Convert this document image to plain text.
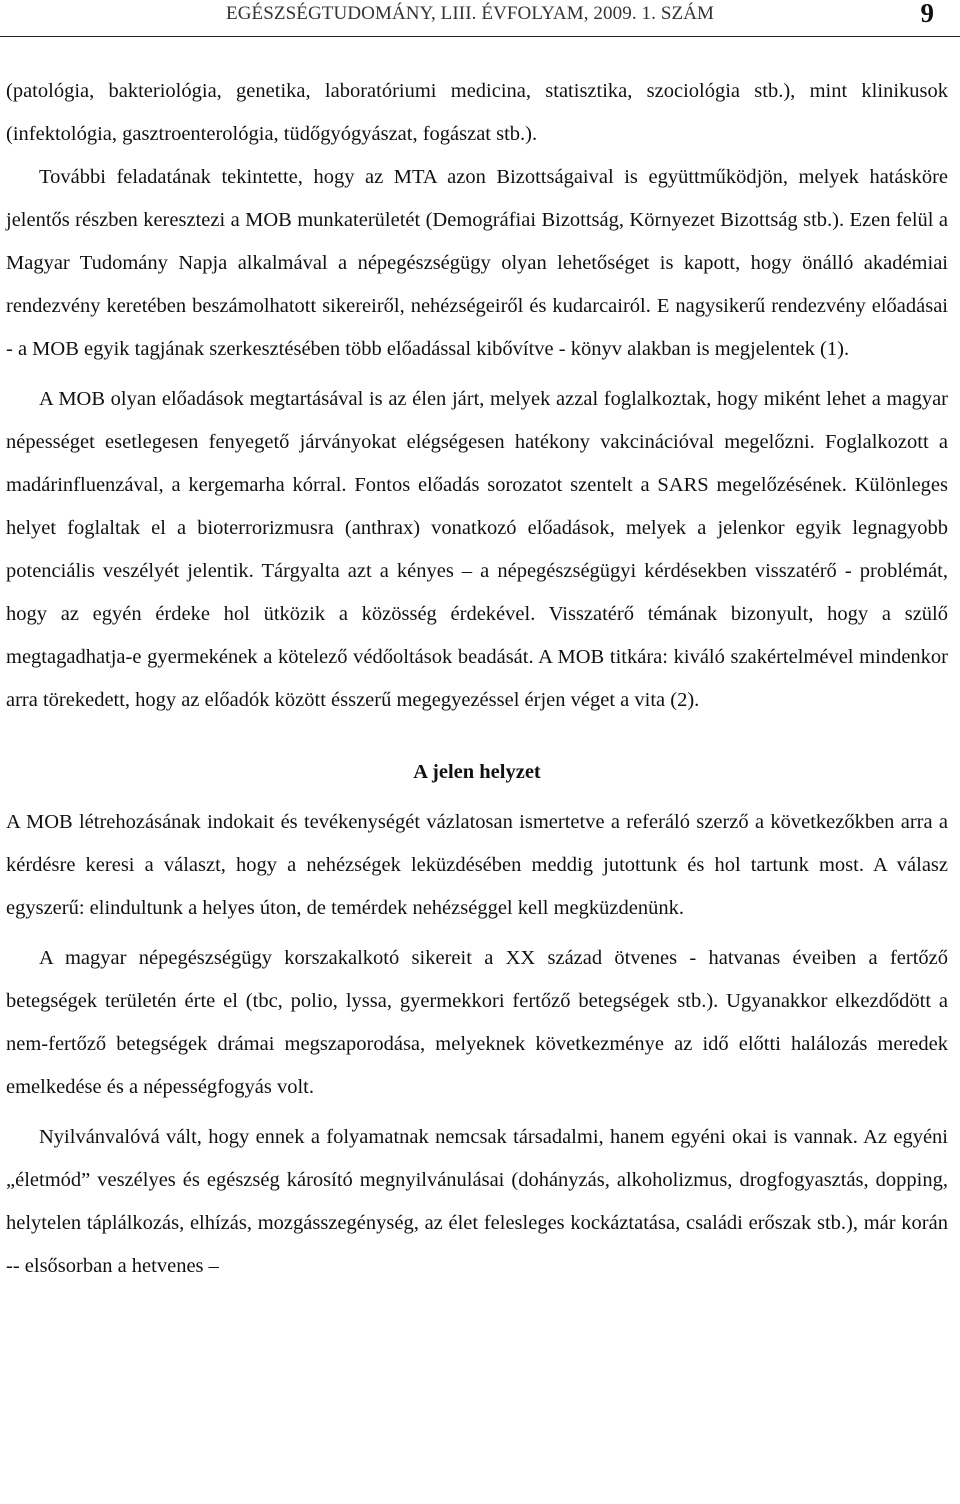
EGÉSZSÉGTUDOMÁNY, LIII. ÉVFOLYAM, 2009. 1. SZÁM	9

(patológia, bakteriológia, genetika, laboratóriumi medicina, statisztika, szociológia stb.), mint klinikusok (infektológia, gasztroenterológia, tüdőgyógyászat, fogászat stb.).

További feladatának tekintette, hogy az MTA azon Bizottságaival is együttműködjön, melyek hatásköre jelentős részben keresztezi a MOB munkaterületét (Demográfiai Bizottság, Környezet Bizottság stb.). Ezen felül a Magyar Tudomány Napja alkalmával a népegészségügy olyan lehetőséget is kapott, hogy önálló akadémiai rendezvény keretében beszámolhatott sikereiről, nehézségeiről és kudarcairól. E nagysikerű rendezvény előadásai - a MOB egyik tagjának szerkesztésében több előadással kibővítve - könyv alakban is megjelentek (1).

A MOB olyan előadások megtartásával is az élen járt, melyek azzal foglalkoztak, hogy miként lehet a magyar népességet esetlegesen fenyegető járványokat elégségesen hatékony vakcinációval megelőzni. Foglalkozott a madárinfluenzával, a kergemarha kórral. Fontos előadás sorozatot szentelt a SARS megelőzésének. Különleges helyet foglaltak el a bioterrorizmusra (anthrax) vonatkozó előadások, melyek a jelenkor egyik legnagyobb potenciális veszélyét jelentik. Tárgyalta azt a kényes – a népegészségügyi kérdésekben visszatérő - problémát, hogy az egyén érdeke hol ütközik a közösség érdekével. Visszatérő témának bizonyult, hogy a szülő megtagadhatja-e gyermekének a kötelező védőoltások beadását. A MOB titkára: kiváló szakértelmével mindenkor arra törekedett, hogy az előadók között ésszerű megegyezéssel érjen véget a vita (2).

A jelen helyzet

A MOB létrehozásának indokait és tevékenységét vázlatosan ismertetve a referáló szerző a következőkben arra a kérdésre keresi a választ, hogy a nehézségek leküzdésében meddig jutottunk és hol tartunk most. A válasz egyszerű: elindultunk a helyes úton, de temérdek nehézséggel kell megküzdenünk.

A magyar népegészségügy korszakalkotó sikereit a XX század ötvenes - hatvanas éveiben a fertőző betegségek területén érte el (tbc, polio, lyssa, gyermekkori fertőző betegségek stb.). Ugyanakkor elkezdődött a nem-fertőző betegségek drámai megszaporodása, melyeknek következménye az idő előtti halálozás meredek emelkedése és a népességfogyás volt.

Nyilvánvalóvá vált, hogy ennek a folyamatnak nemcsak társadalmi, hanem egyéni okai is vannak. Az egyéni „életmód” veszélyes és egészség károsító megnyilvánulásai (dohányzás, alkoholizmus, drogfogyasztás, dopping, helytelen táplálkozás, elhízás, mozgásszegénység, az élet felesleges kockáztatása, családi erőszak stb.), már korán -- elsősorban a hetvenes –
